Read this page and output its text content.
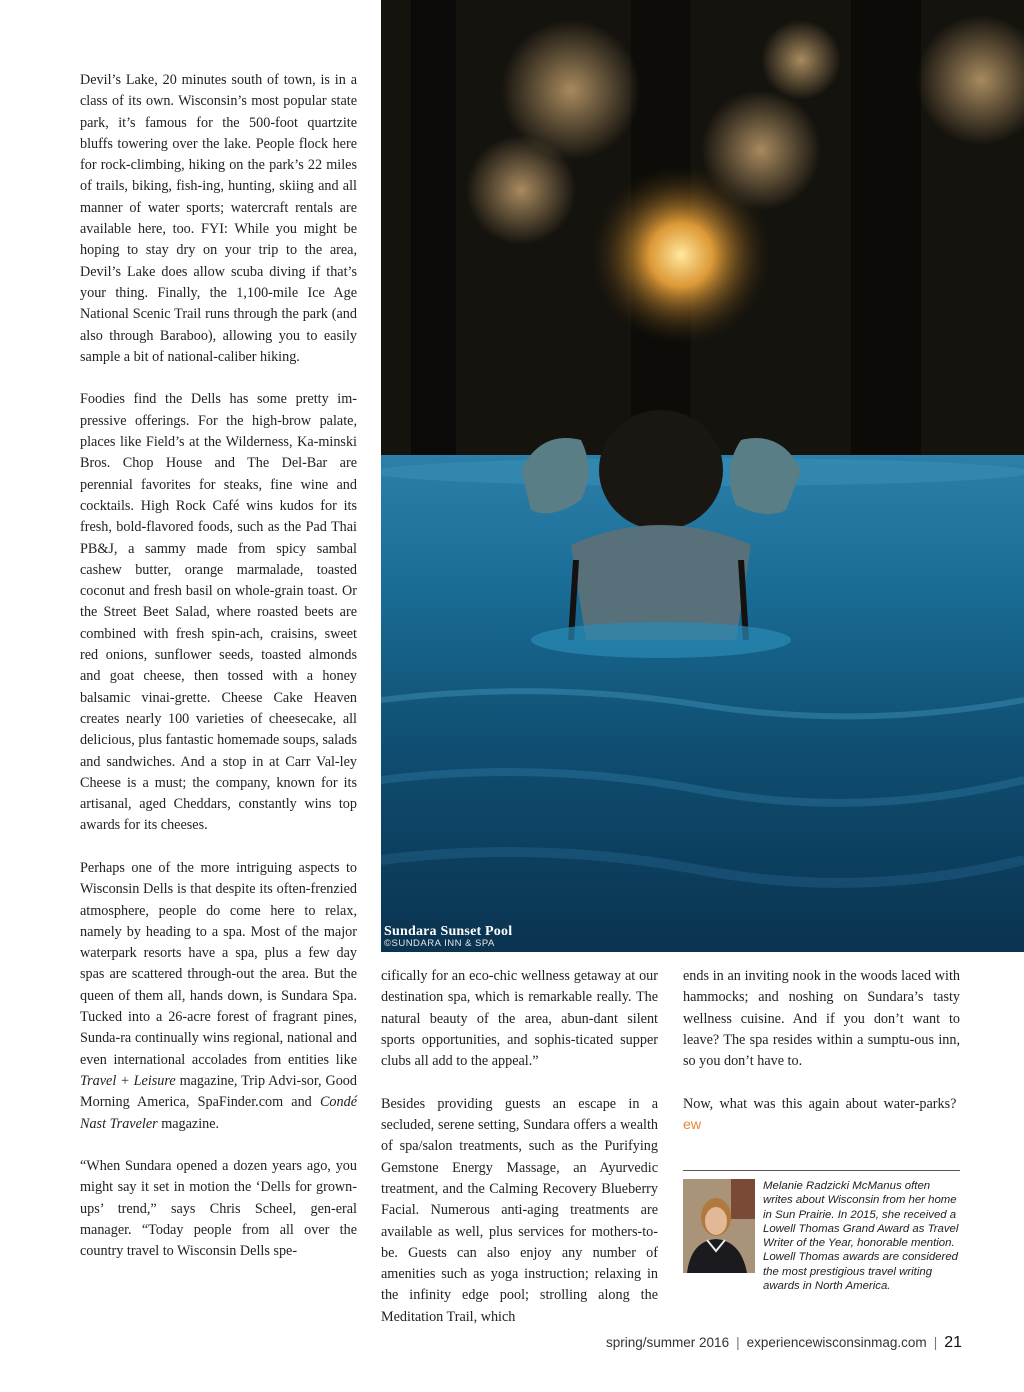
Devil’s Lake, 20 minutes south of town, is in a class of its own. Wisconsin’s most popular state park, it’s famous for the 500-foot quartzite bluffs towering over the lake. People flock here for rock-climbing, hiking on the park’s 22 miles of trails, biking, fish-ing, hunting, skiing and all manner of water sports; watercraft rentals are available here, too. FYI: While you might be hoping to stay dry on your trip to the area, Devil’s Lake does allow scuba diving if that’s your thing. Finally, the 1,100-mile Ice Age National Scenic Trail runs through the park (and also through Baraboo), allowing you to easily sample a bit of national-caliber hiking.

Foodies find the Dells has some pretty im-pressive offerings. For the high-brow palate, places like Field’s at the Wilderness, Ka-minski Bros. Chop House and The Del-Bar are perennial favorites for steaks, fine wine and cocktails. High Rock Café wins kudos for its fresh, bold-flavored foods, such as the Pad Thai PB&J, a sammy made from spicy sambal cashew butter, orange marmalade, toasted coconut and fresh basil on whole-grain toast. Or the Street Beet Salad, where roasted beets are combined with fresh spin-ach, craisins, sweet red onions, sunflower seeds, toasted almonds and goat cheese, then tossed with a honey balsamic vinai-grette. Cheese Cake Heaven creates nearly 100 varieties of cheesecake, all delicious, plus fantastic homemade soups, salads and sandwiches. And a stop in at Carr Val-ley Cheese is a must; the company, known for its artisanal, aged Cheddars, constantly wins top awards for its cheeses.

Perhaps one of the more intriguing aspects to Wisconsin Dells is that despite its often-frenzied atmosphere, people do come here to relax, namely by heading to a spa. Most of the major waterpark resorts have a spa, plus a few day spas are scattered through-out the area. But the queen of them all, hands down, is Sundara Spa. Tucked into a 26-acre forest of fragrant pines, Sunda-ra continually wins regional, national and even international accolades from entities like Travel + Leisure magazine, Trip Advi-sor, Good Morning America, SpaFinder.com and Condé Nast Traveler magazine.

“When Sundara opened a dozen years ago, you might say it set in motion the ‘Dells for grown-ups’ trend,” says Chris Scheel, gen-eral manager. “Today people from all over the country travel to Wisconsin Dells spe-

Sundara Sunset Pool
©SUNDARA INN & SPA

cifically for an eco-chic wellness getaway at our destination spa, which is remarkable really. The natural beauty of the area, abun-dant silent sports opportunities, and sophis-ticated supper clubs all add to the appeal.”

Besides providing guests an escape in a secluded, serene setting, Sundara offers a wealth of spa/salon treatments, such as the Purifying Gemstone Energy Massage, an Ayurvedic treatment, and the Calming Recovery Blueberry Facial. Numerous anti-aging treatments are available as well, plus services for mothers-to-be. Guests can also enjoy any number of amenities such as yoga instruction; relaxing in the infinity edge pool; strolling along the Meditation Trail, which

ends in an inviting nook in the woods laced with hammocks; and noshing on Sundara’s tasty wellness cuisine. And if you don’t want to leave? The spa resides within a sumptu-ous inn, so you don’t have to.

Now, what was this again about water-parks?  ew

Melanie Radzicki McManus often writes about Wisconsin from her home in Sun Prairie. In 2015, she received a Lowell Thomas Grand Award as Travel Writer of the Year, honorable mention. Lowell Thomas awards are considered the most prestigious travel writing awards in North America.
spring/summer 2016 | experiencewisconsinmag.com | 21
